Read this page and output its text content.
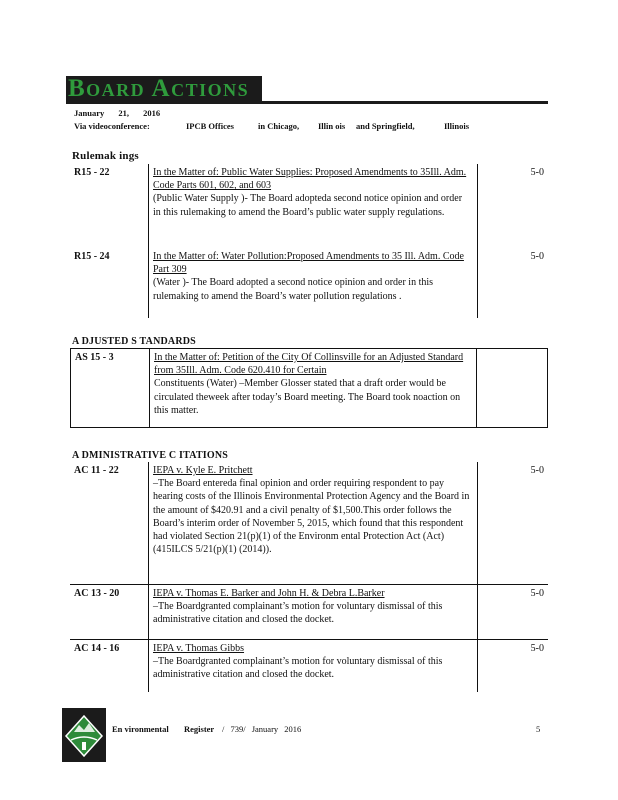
Board Actions
January 21, 2016
Via videoconference:	IPCB Offices	in Chicago, Illin ois and Springfield,	Illinois
Rulemak ings
R15 - 22	In the Matter of: Public Water Supplies: Proposed Amendments to 35Ill. Adm. Code Parts 601, 602, and 603
(Public Water Supply )- The Board adopteda second notice opinion and order in this rulemaking to amend the Board’s public water supply regulations.	5-0
R15 - 24	In the Matter of: Water Pollution:Proposed Amendments to 35 Ill. Adm. Code Part 309
(Water )- The Board adopted a second notice opinion and order in this rulemaking to amend the Board’s water pollution regulations .	5-0
A DJUSTED S TANDARDS
AS 15 - 3	In the Matter of: Petition of the City Of Collinsville for an Adjusted Standard from 35Ill. Adm. Code 620.410 for Certain
Constituents (Water) –Member Glosser stated that a draft order would be circulated theweek after today’s Board meeting. The Board took noaction on this matter.

A DMINISTRATIVE C ITATIONS
AC 11 - 22	IEPA v. Kyle E. Pritchett
–The Board entereda final opinion and order requiring respondent to pay hearing costs of the Illinois Environmental Protection Agency and the Board in the amount of $420.91 and a civil penalty of $1,500.This order follows the Board’s interim order of November 5, 2015, which found that this respondent had violated Section 21(p)(1) of the Environm ental Protection Act (Act) (415ILCS 5/21(p)(1) (2014)).	5-0
AC 13 - 20	IEPA v. Thomas E. Barker and John H. & Debra L.Barker
–The Boardgranted complainant’s motion for voluntary dismissal of this administrative citation and closed the docket.	5-0
AC 14 - 16	IEPA v. Thomas Gibbs
–The Boardgranted complainant’s motion for voluntary dismissal of this administrative citation and closed the docket.	5-0
En vironmental Register / 739/ January 2016	5
